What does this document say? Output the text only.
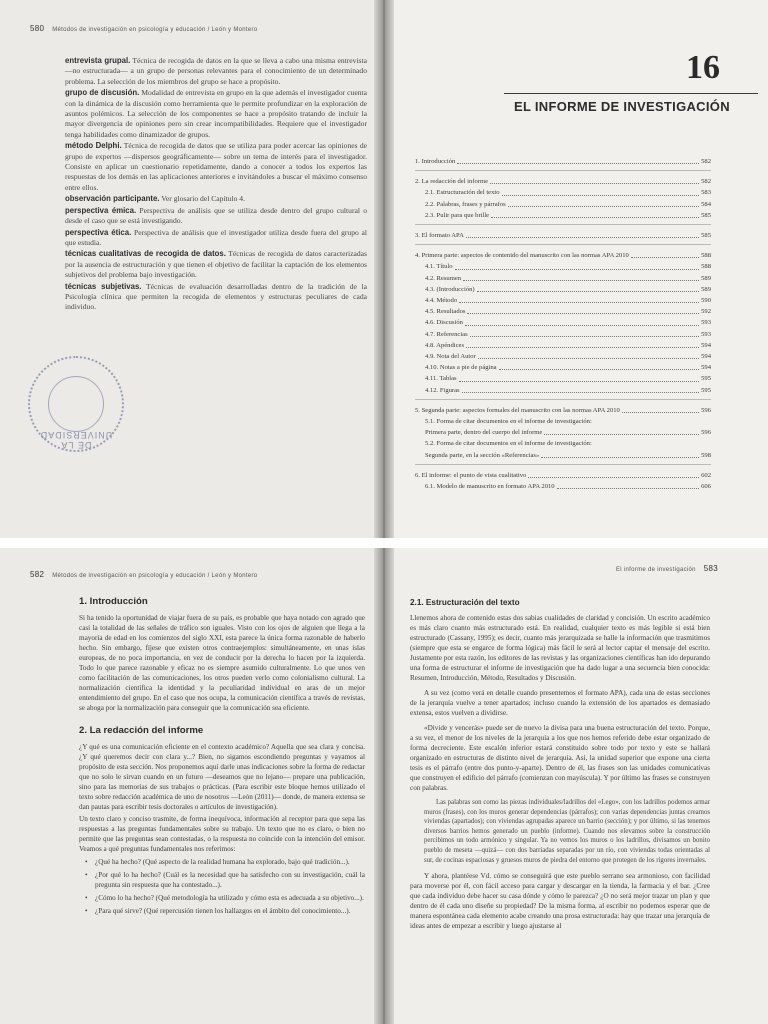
580 Métodos de investigación en psicología y educación / León y Montero
entrevista grupal. Técnica de recogida de datos en la que se lleva a cabo una misma entrevista —no estructurada— a un grupo de personas relevantes para el conocimiento de un determinado problema. La selección de los miembros del grupo se hace a propósito.
grupo de discusión. Modalidad de entrevista en grupo en la que además el investigador cuenta con la dinámica de la discusión como herramienta que le permite profundizar en la exploración de asuntos polémicos. La selección de los componentes se hace a propósito tratando de incluir la mayor divergencia de opiniones pero sin crear incompatibilidades. Requiere que el investigador tenga habilidades como dinamizador de grupos.
método Delphi. Técnica de recogida de datos que se utiliza para poder acercar las opiniones de grupo de expertos —dispersos geográficamente— sobre un tema de interés para el investigador. Consiste en aplicar un cuestionario repetidamente, dando a conocer a todos los expertos las respuestas de los demás en las aplicaciones anteriores e invitándoles a buscar el máximo consenso entre ellos.
observación participante. Ver glosario del Capítulo 4.
perspectiva émica. Perspectiva de análisis que se utiliza desde dentro del grupo cultural o desde el caso que se está investigando.
perspectiva ética. Perspectiva de análisis que el investigador utiliza desde fuera del grupo al que estudia.
técnicas cualitativas de recogida de datos. Técnicas de recogida de datos caracterizadas por la ausencia de estructuración y que tienen el objetivo de facilitar la captación de los elementos subjetivos del problema bajo investigación.
técnicas subjetivas. Técnicas de evaluación desarrolladas dentro de la tradición de la Psicología clínica que permiten la recogida de elementos y estructuras peculiares de cada individuo.
DE LA UNIVERSIDAD
16
EL INFORME DE INVESTIGACIÓN
1. Introducción	582
2. La redacción del informe	582
2.1. Estructuración del texto	583
2.2. Palabras, frases y párrafos	584
2.3. Pulir para que brille	585
3. El formato APA	585
4. Primera parte: aspectos de contenido del manuscrito con las normas APA 2010	588
4.1. Título	588
4.2. Resumen	589
4.3. (Introducción)	589
4.4. Método	590
4.5. Resultados	592
4.6. Discusión	593
4.7. Referencias	593
4.8. Apéndices	594
4.9. Nota del Autor	594
4.10. Notas a pie de página	594
4.11. Tablas	595
4.12. Figuras	595
5. Segunda parte: aspectos formales del manuscrito con las normas APA 2010	596
5.1. Forma de citar documentos en el informe de investigación:
Primera parte, dentro del cuerpo del informe	596
5.2. Forma de citar documentos en el informe de investigación:
Segunda parte, en la sección «Referencias»	598
6. El informe: el punto de vista cualitativo	602
6.1. Modelo de manuscrito en formato APA 2010	606
582 Métodos de investigación en psicología y educación / León y Montero
1. Introducción

Si ha tenido la oportunidad de viajar fuera de su país, es probable que haya notado con agrado que casi la totalidad de las señales de tráfico son iguales. Visto con los ojos de alguien que llega a la mayoría de edad en los comienzos del siglo XXI, esta parece la única forma razonable de haberlo hecho. Sin embargo, fíjese que existen otros contraejemplos: simultáneamente, en unas islas europeas, de no poca importancia, en vez de conducir por la derecha lo hacen por la izquierda. Todo lo que parece razonable y eficaz no es siempre asumido culturalmente. Lo que unos ven como facilitación de las comunicaciones, los otros pueden verlo como colonialismo cultural. La normalización científica la identidad y la peculiaridad individual en aras de un mejor entendimiento del grupo. En el caso que nos ocupa, la comunicación científica a través de revistas, se aboga por la normalización para conseguir que la comunicación sea eficiente.

2. La redacción del informe

¿Y qué es una comunicación eficiente en el contexto académico? Aquella que sea clara y concisa. ¿Y qué queremos decir con clara y...? Bien, no sigamos escondiendo preguntas y vayamos al propósito de esta sección. Nos proponemos aquí darle unas indicaciones sobre la forma de redactar que no solo le sirvan cuando en un futuro —deseamos que no lejano— prepare una publicación, sino para las memorias de sus trabajos o prácticas. (Para escribir este bloque hemos utilizado el texto sobre redacción académica de uno de nosotros —León (2011)— donde, de manera extensa se dan pautas para escribir tesis doctorales o artículos de investigación).

Un texto claro y conciso trasmite, de forma inequívoca, información al receptor para que sepa las respuestas a las preguntas fundamentales sobre su trabajo. Un texto que no es claro, o bien no permite que las preguntas sean contestadas, o la respuesta no coincide con la intención del emisor. Veamos a qué preguntas fundamentales nos referimos:

• ¿Qué ha hecho? (Qué aspecto de la realidad humana ha explorado, bajo qué tradición...).
• ¿Por qué lo ha hecho? (Cuál es la necesidad que ha satisfecho con su investigación, cuál la pregunta sin respuesta que ha contestado...).
• ¿Cómo lo ha hecho? (Qué metodología ha utilizado y cómo esta es adecuada a su objetivo...).
• ¿Para qué sirve? (Qué repercusión tienen los hallazgos en el ámbito del conocimiento...).
El informe de investigación 583
2.1. Estructuración del texto

Llenemos ahora de contenido estas dos sabias cualidades de claridad y concisión. Un escrito académico es más claro cuanto más estructurado está. En realidad, cualquier texto es más legible si está bien estructurado (Cassany, 1995); es decir, cuanto más jerarquizada se halle la información que trasmitimos (siempre que esta se engarce de forma lógica) más fácil le será al lector captar el mensaje del escrito. Justamente por esta razón, los editores de las revistas y las organizaciones científicas han ido depurando una forma de estructurar el informe de investigación que ha dado lugar a una secuencia bien conocida: Resumen, Introducción, Método, Resultados y Discusión.

A su vez (como verá en detalle cuando presentemos el formato APA), cada una de estas secciones de la jerarquía vuelve a tener apartados; incluso cuando la extensión de los apartados es demasiado extensa, estos vuelven a dividirse.

«Divide y vencerás» puede ser de nuevo la divisa para una buena estructuración del texto. Porque, a su vez, el menor de los niveles de la jerarquía a los que nos hemos referido debe estar organizado de forma decreciente. Este escalón inferior estará constituido sobre todo por texto y este se hallará organizado en estructuras de distinto nivel de jerarquía. Así, la unidad superior que expone una cierta tesis es el párrafo (entre dos punto-y-aparte). Dentro de él, las frases son las unidades comunicativas que construyen el edificio del párrafo (comienzan con mayúscula). Y por último las frases se construyen con palabras.

Las palabras son como las piezas individuales/ladrillos del «Lego», con los ladrillos podemos armar muros (frases), con los muros generar dependencias (párrafos); con varias dependencias juntas creamos viviendas (apartados); con viviendas agrupadas aparece un barrio (sección); y por último, si las tenemos diversos barrios hemos generado un pueblo (informe). Cuando nos elevamos sobre la construcción percibimos un todo armónico y singular. Ya no vemos los muros o los ladrillos, divisamos un bonito pueblo de meseta —quizá— con dos barriadas separadas por un río, con viviendas todas orientadas al sur, de cocinas espaciosas y gruesos muros de piedra del entorno que protegen de los rigores invernales.

Y ahora, plantéese Vd. cómo se conseguirá que este pueblo serrano sea armonioso, con facilidad para moverse por él, con fácil acceso para cargar y descargar en la tienda, la farmacia y el bar. ¿Cree que cada individuo debe hacer su casa dónde y cómo le parezca? ¿O no será mejor trazar un plan y que dentro de él cada uno diseñe su propiedad? De la misma forma, al escribir no podemos esperar que de manera espontánea cada elemento acabe creando una prosa estructurada: hay que trazar una jerarquía de ideas antes de empezar a escribir y luego ajustarse al
